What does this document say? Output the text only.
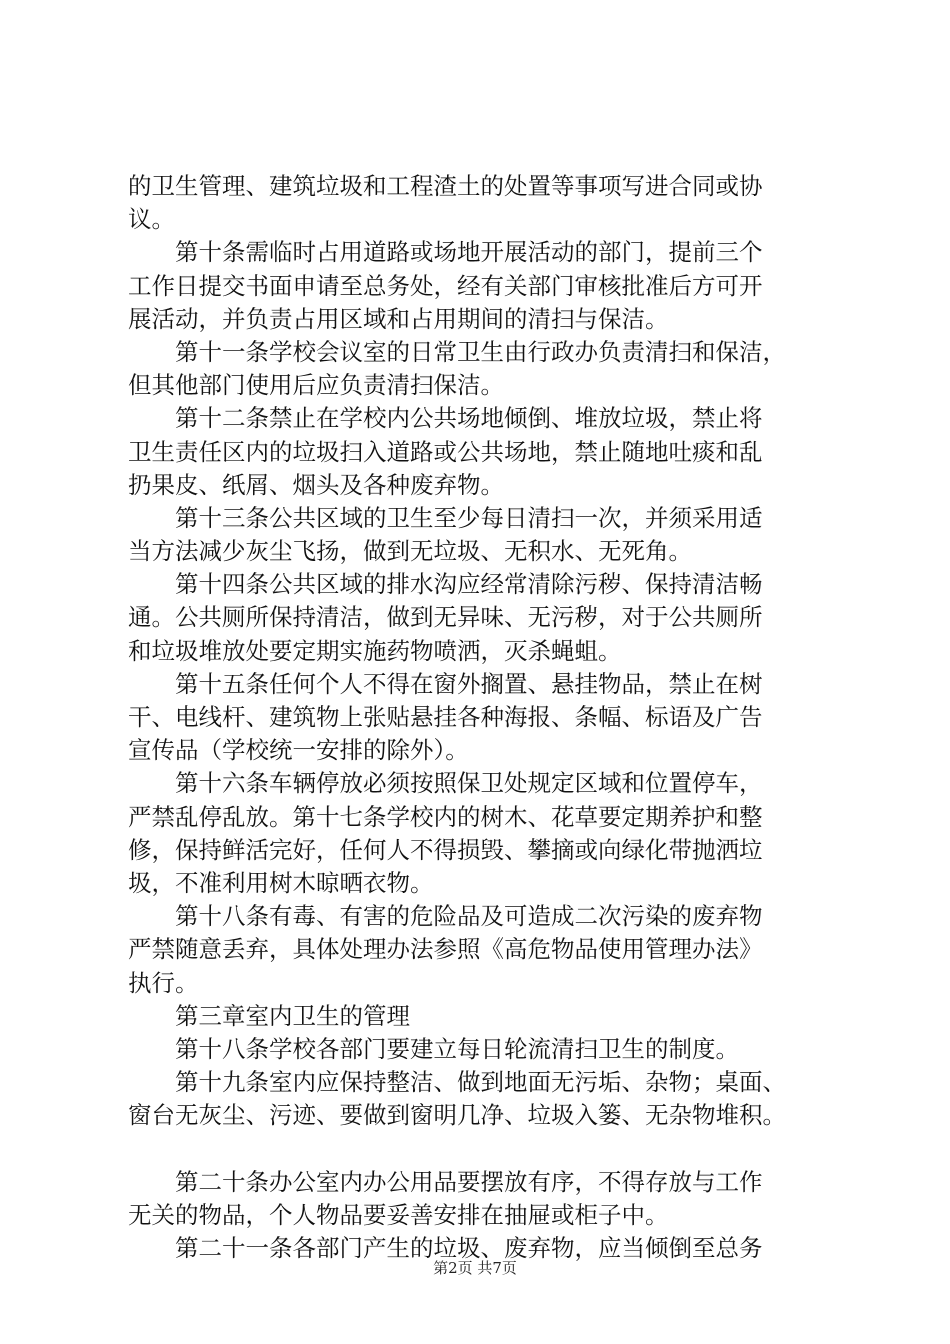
的卫生管理、建筑垃圾和工程渣土的处置等事项写进合同或协
议。
　　第十条需临时占用道路或场地开展活动的部门，提前三个
工作日提交书面申请至总务处，经有关部门审核批准后方可开
展活动，并负责占用区域和占用期间的清扫与保洁。
　　第十一条学校会议室的日常卫生由行政办负责清扫和保洁，
但其他部门使用后应负责清扫保洁。
　　第十二条禁止在学校内公共场地倾倒、堆放垃圾，禁止将
卫生责任区内的垃圾扫入道路或公共场地，禁止随地吐痰和乱
扔果皮、纸屑、烟头及各种废弃物。
　　第十三条公共区域的卫生至少每日清扫一次，并须采用适
当方法减少灰尘飞扬，做到无垃圾、无积水、无死角。
　　第十四条公共区域的排水沟应经常清除污秽、保持清洁畅
通。公共厕所保持清洁，做到无异味、无污秽，对于公共厕所
和垃圾堆放处要定期实施药物喷洒，灭杀蝇蛆。
　　第十五条任何个人不得在窗外搁置、悬挂物品，禁止在树
干、电线杆、建筑物上张贴悬挂各种海报、条幅、标语及广告
宣传品（学校统一安排的除外）。
　　第十六条车辆停放必须按照保卫处规定区域和位置停车，
严禁乱停乱放。第十七条学校内的树木、花草要定期养护和整
修，保持鲜活完好，任何人不得损毁、攀摘或向绿化带抛洒垃
圾，不准利用树木晾晒衣物。
　　第十八条有毒、有害的危险品及可造成二次污染的废弃物
严禁随意丢弃，具体处理办法参照《高危物品使用管理办法》
执行。
　　第三章室内卫生的管理
　　第十八条学校各部门要建立每日轮流清扫卫生的制度。
　　第十九条室内应保持整洁、做到地面无污垢、杂物；桌面、
窗台无灰尘、污迹、要做到窗明几净、垃圾入篓、无杂物堆积。
　　第二十条办公室内办公用品要摆放有序，不得存放与工作
无关的物品，个人物品要妥善安排在抽屉或柜子中。
　　第二十一条各部门产生的垃圾、废弃物，应当倾倒至总务
第2页 共7页
